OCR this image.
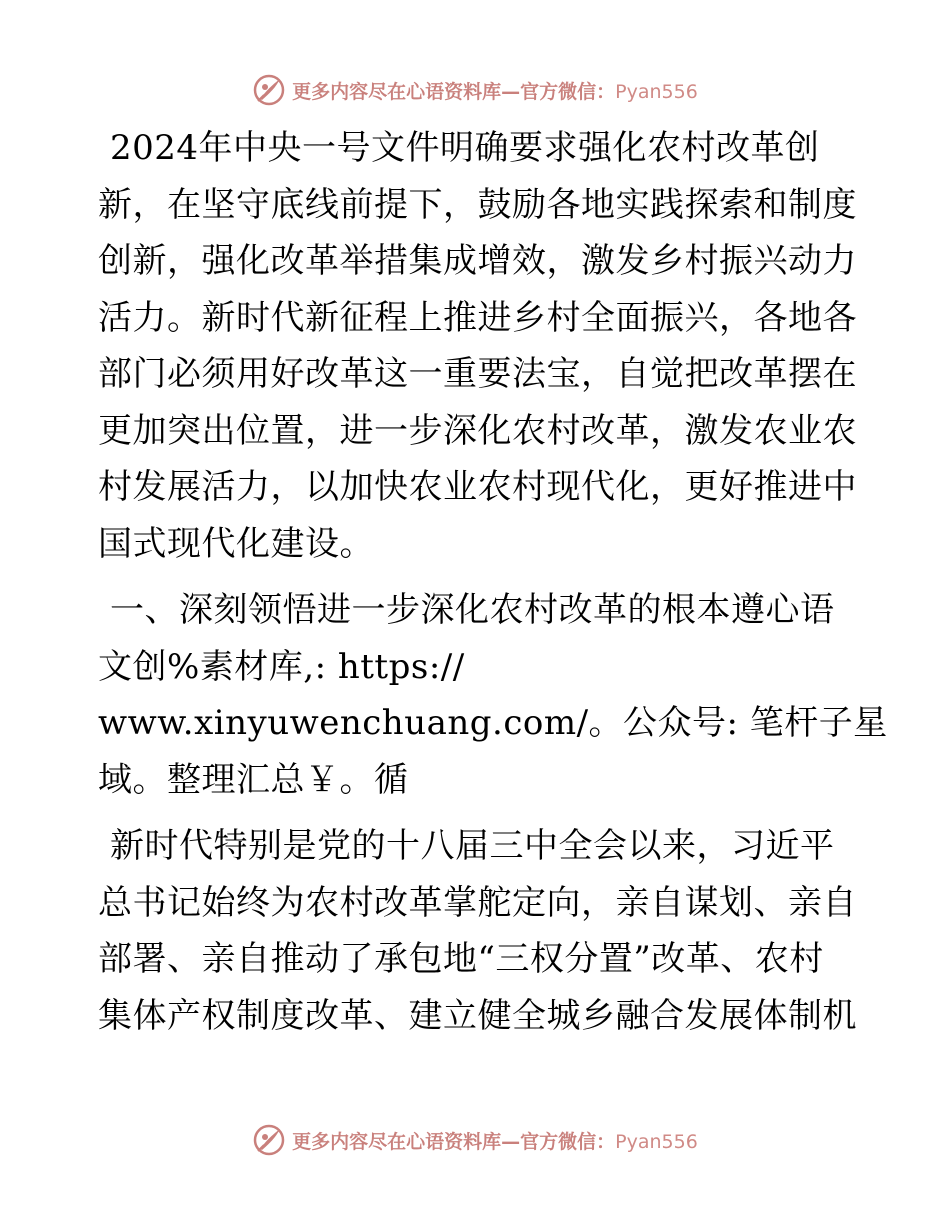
更多内容尽在心语资料库—官方微信：Pyan556

2024年中央一号文件明确要求强化农村改革创
新，在坚守底线前提下，鼓励各地实践探索和制度
创新，强化改革举措集成增效，激发乡村振兴动力
活力。新时代新征程上推进乡村全面振兴，各地各
部门必须用好改革这一重要法宝，自觉把改革摆在
更加突出位置，进一步深化农村改革，激发农业农
村发展活力，以加快农业农村现代化，更好推进中
国式现代化建设。

一、深刻领悟进一步深化农村改革的根本遵心语
文创%素材库,: https://
www.xinyuwenchuang.com/。公众号: 笔杆子星
域。整理汇总￥。循

新时代特别是党的十八届三中全会以来，习近平
总书记始终为农村改革掌舵定向，亲自谋划、亲自
部署、亲自推动了承包地“三权分置”改革、农村
集体产权制度改革、建立健全城乡融合发展体制机

更多内容尽在心语资料库—官方微信：Pyan556
